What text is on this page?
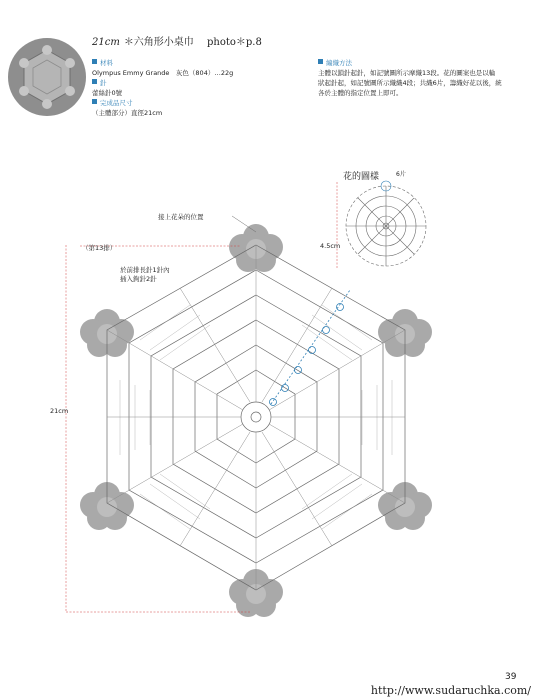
21cm ＊六角形小桌巾 photo＊p.8
材料
Olympus Emmy Grande　灰色（804）…22g
針
蕾絲針0號
完成品尺寸
（主體部分）直徑21cm
編織方法
主體以鎖針起針，如記號圖所示摩織13段。花的圖案也是以輪
狀起針起，如記號圖所示織織4段；共織6片，籌織好花以後，統
各於主體的指定位置上即可。
花的圖樣	6片
4.5cm
接上花朵的位置
（第13排）
於前排長針1針內
插入鉤針2針
21cm
39
http://www.sudaruchka.com/
